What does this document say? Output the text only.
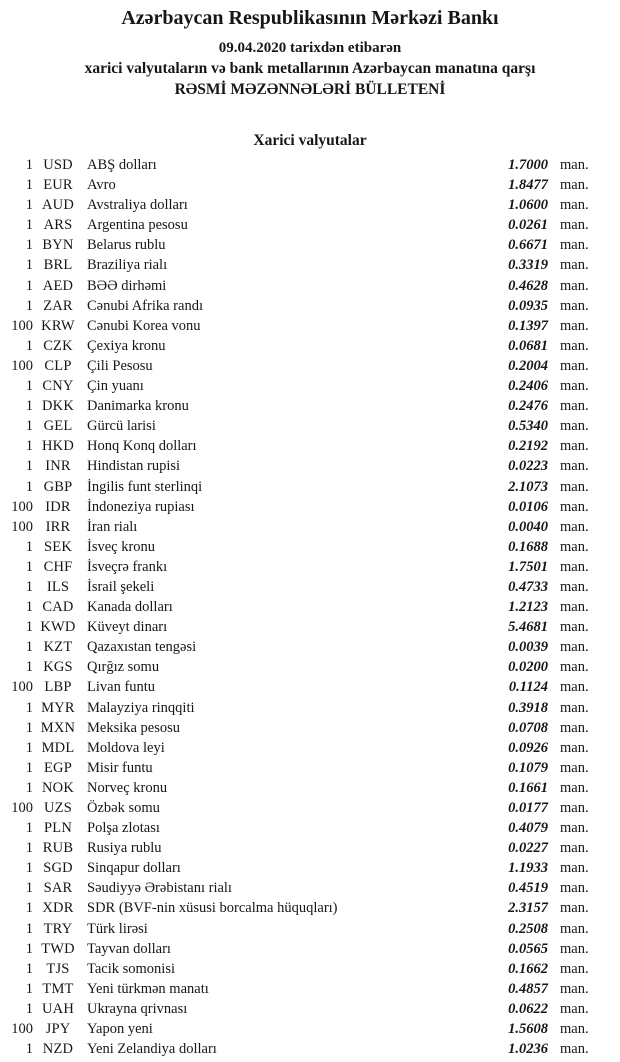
Azərbaycan Respublikasının Mərkəzi Bankı
09.04.2020 tarixdən etibarən
xarici valyutaların və bank metallarının Azərbaycan manatına qarşı
RƏSMİ MƏZƏNNƏLƏRİ BÜLLETENİ
Xarici valyutalar
1 USD ABŞ dolları	1.7000 man.
1 EUR Avro	1.8477 man.
1 AUD Avstraliya dolları	1.0600 man.
1 ARS	Argentina pesosu	0.0261 man.
1 BYN Belarus rublu	0.6671 man.
1 BRL	Braziliya rialı	0.3319 man.
1 AED BƏƏ dirhəmi	0.4628 man.
1 ZAR Cənubi Afrika randı	0.0935 man.
100 KRW Cənubi Korea vonu	0.1397 man.
1 CZK Çexiya kronu	0.0681 man.
100 CLP	Çili Pesosu	0.2004 man.
1 CNY Çin yuanı	0.2406 man.
1 DKK Danimarka kronu	0.2476 man.
1 GEL	Gürcü larisi	0.5340 man.
1 HKD Honq Konq dolları	0.2192 man.
1 INR	Hindistan rupisi	0.0223 man.
1 GBP	İngilis funt sterlinqi	2.1073 man.
100 IDR	İndoneziya rupiası	0.0106 man.
100 IRR	İran rialı	0.0040 man.
1 SEK	İsveç kronu	0.1688 man.
1 CHF	İsveçrə frankı	1.7501 man.
1 ILS	İsrail şekeli	0.4733 man.
1 CAD Kanada dolları	1.2123 man.
1 KWD Küveyt dinarı	5.4681 man.
1 KZT	Qazaxıstan tengəsi	0.0039 man.
1 KGS Qırğız somu	0.0200 man.
100 LBP	Livan funtu	0.1124 man.
1 MYR Malayziya rinqqiti	0.3918 man.
1 MXN Meksika pesosu	0.0708 man.
1 MDL Moldova leyi	0.0926 man.
1 EGP	Misir funtu	0.1079 man.
1 NOK Norveç kronu	0.1661 man.
100 UZS	Özbək somu	0.0177 man.
1 PLN	Polşa zlotası	0.4079 man.
1 RUB Rusiya rublu	0.0227 man.
1 SGD Sinqapur dolları	1.1933 man.
1 SAR	Səudiyyə Ərəbistanı rialı	0.4519 man.
1 XDR SDR (BVF-nin xüsusi borcalma hüquqları)	2.3157 man.
1 TRY	Türk lirəsi	0.2508 man.
1 TWD Tayvan dolları	0.0565 man.
1 TJS	Tacik somonisi	0.1662 man.
1 TMT Yeni türkmən manatı	0.4857 man.
1 UAH Ukrayna qrivnası	0.0622 man.
100 JPY	Yapon yeni	1.5608 man.
1 NZD Yeni Zelandiya dolları	1.0236 man.
